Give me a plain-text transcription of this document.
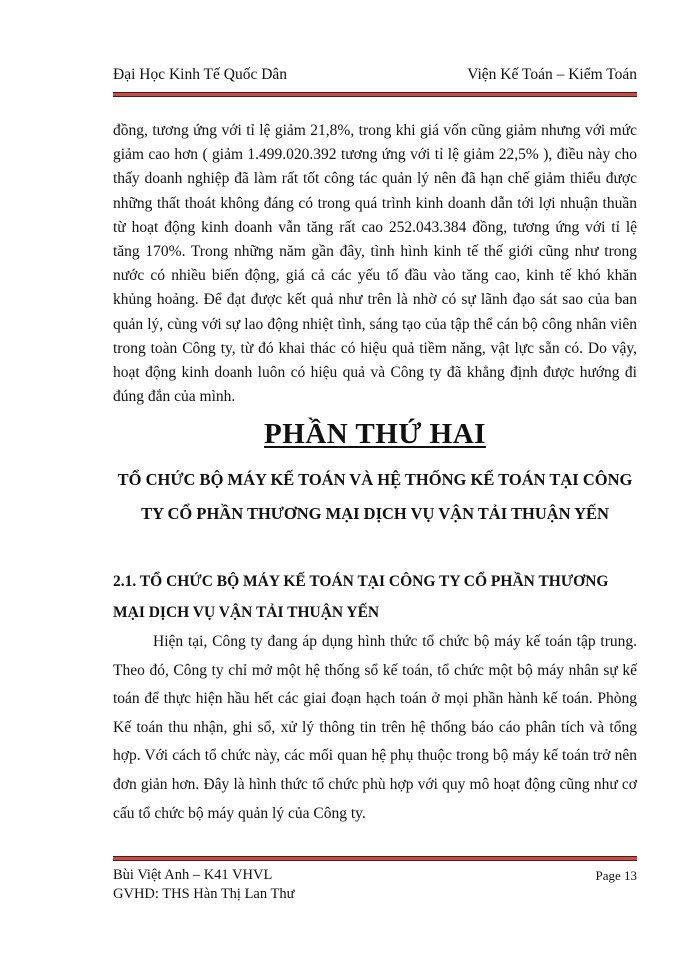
Đại Học Kinh Tế Quốc Dân	Viện Kế Toán – Kiểm Toán
đồng, tương ứng với tỉ lệ giảm 21,8%, trong khi giá vốn cũng giảm nhưng với mức giảm cao hơn ( giảm 1.499.020.392 tương ứng với tỉ lệ giảm 22,5% ), điều này cho thấy doanh nghiệp đã làm rất tốt công tác quản lý nên đã hạn chế giảm thiểu được những thất thoát không đáng có trong quá trình kinh doanh dẫn tới lợi nhuận thuần từ hoạt động kinh doanh vẫn tăng rất cao 252.043.384 đồng, tương ứng với tỉ lệ tăng 170%. Trong những năm gần đây, tình hình kinh tế thế giới cũng như trong nước có nhiều biến động, giá cả các yếu tố đầu vào tăng cao, kinh tế khó khăn khủng hoảng. Để đạt được kết quả như trên là nhờ có sự lãnh đạo sát sao của ban quản lý, cùng với sự lao động nhiệt tình, sáng tạo của tập thể cán bộ công nhân viên trong toàn Công ty, từ đó khai thác có hiệu quả tiềm năng, vật lực sẵn có. Do vậy, hoạt động kinh doanh luôn có hiệu quả và Công ty đã khẳng định được hướng đi đúng đắn của mình.
PHẦN THỨ HAI
TỔ CHỨC BỘ MÁY KẾ TOÁN VÀ HỆ THỐNG KẾ TOÁN TẠI CÔNG TY CỔ PHẦN THƯƠNG MẠI DỊCH VỤ VẬN TẢI THUẬN YẾN
2.1. TỔ CHỨC BỘ MÁY KẾ TOÁN TẠI CÔNG TY CỔ PHẦN THƯƠNG MẠI DỊCH VỤ VẬN TẢI THUẬN YẾN
Hiện tại, Công ty đang áp dụng hình thức tổ chức bộ máy kế toán tập trung. Theo đó, Công ty chỉ mở một hệ thống sổ kế toán, tổ chức một bộ máy nhân sự kế toán để thực hiện hầu hết các giai đoạn hạch toán ở mọi phần hành kế toán. Phòng Kế toán thu nhận, ghi sổ, xử lý thông tin trên hệ thống báo cáo phân tích và tổng hợp. Với cách tổ chức này, các mối quan hệ phụ thuộc trong bộ máy kế toán trở nên đơn giản hơn. Đây là hình thức tổ chức phù hợp với quy mô hoạt động cũng như cơ cấu tổ chức bộ máy quản lý của Công ty.
Bùi Việt Anh – K41 VHVL
GVHD: THS Hàn Thị Lan Thư
Page 13
